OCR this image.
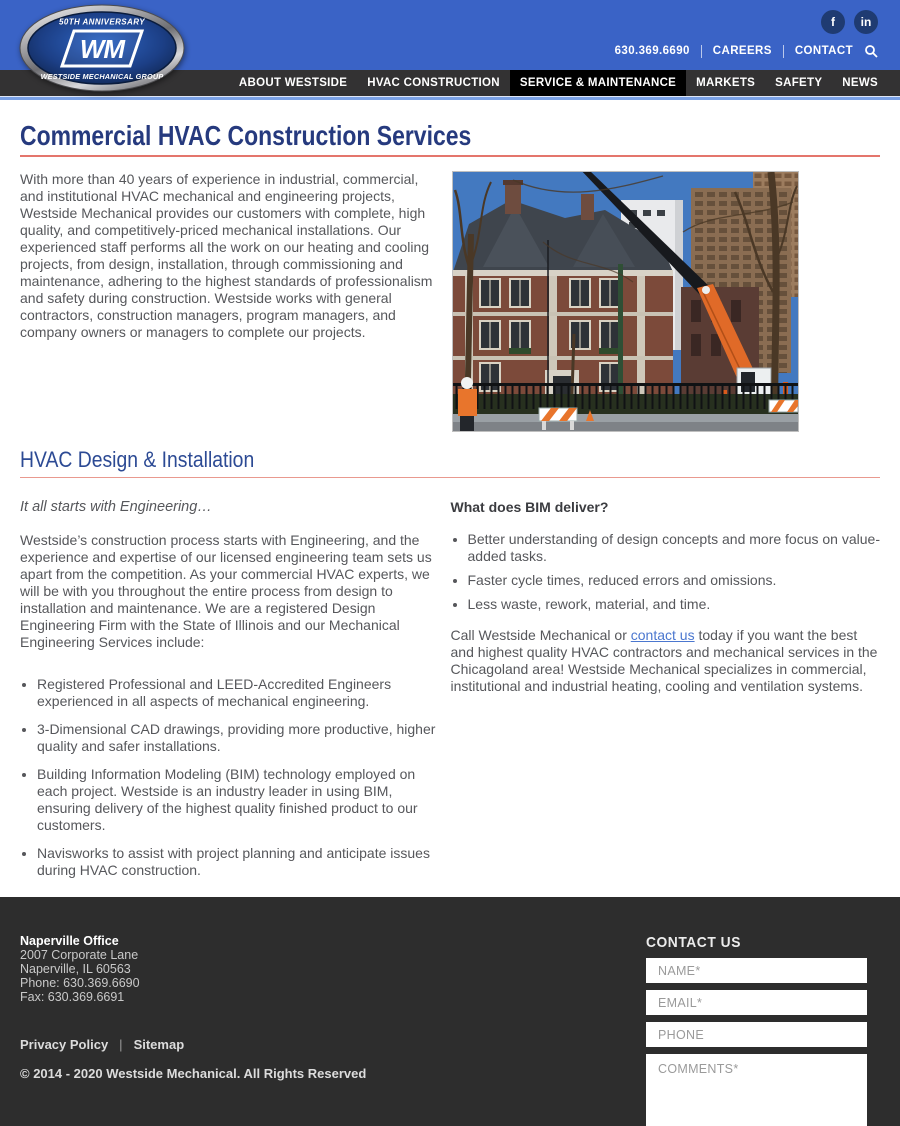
50TH ANNIVERSARY
WM
WESTSIDE MECHANICAL GROUP
f	in
630.369.6690 CAREERS CONTACT
ABOUT WESTSIDE	HVAC CONSTRUCTION	SERVICE & MAINTENANCE	MARKETS	SAFETY	NEWS
Commercial HVAC Construction Services
With more than 40 years of experience in industrial, commercial, and institutional HVAC mechanical and engineering projects, Westside Mechanical provides our customers with complete, high quality, and competitively-priced mechanical installations. Our experienced staff performs all the work on our heating and cooling projects, from design, installation, through commissioning and maintenance, adhering to the highest standards of professionalism and safety during construction. Westside works with general contractors, construction managers, program managers, and company owners or managers to complete our projects.
HVAC Design & Installation
It all starts with Engineering…
Westside’s construction process starts with Engineering, and the experience and expertise of our licensed engineering team sets us apart from the competition. As your commercial HVAC experts, we will be with you throughout the entire process from design to installation and maintenance. We are a registered Design Engineering Firm with the State of Illinois and our Mechanical Engineering Services include:
• Registered Professional and LEED-Accredited Engineers experienced in all aspects of mechanical engineering.
• 3-Dimensional CAD drawings, providing more productive, higher quality and safer installations.
• Building Information Modeling (BIM) technology employed on each project. Westside is an industry leader in using BIM, ensuring delivery of the highest quality finished product to our customers.
• Navisworks to assist with project planning and anticipate issues during HVAC construction.
What does BIM deliver?
• Better understanding of design concepts and more focus on value-added tasks.
• Faster cycle times, reduced errors and omissions.
• Less waste, rework, material, and time.
Call Westside Mechanical or contact us today if you want the best and highest quality HVAC contractors and mechanical services in the Chicagoland area! Westside Mechanical specializes in commercial, institutional and industrial heating, cooling and ventilation systems.
Naperville Office
2007 Corporate Lane
Naperville, IL 60563
Phone: 630.369.6690
Fax: 630.369.6691
Privacy Policy | Sitemap
© 2014 - 2020 Westside Mechanical. All Rights Reserved
CONTACT US
NAME*
EMAIL*
PHONE
COMMENTS*
